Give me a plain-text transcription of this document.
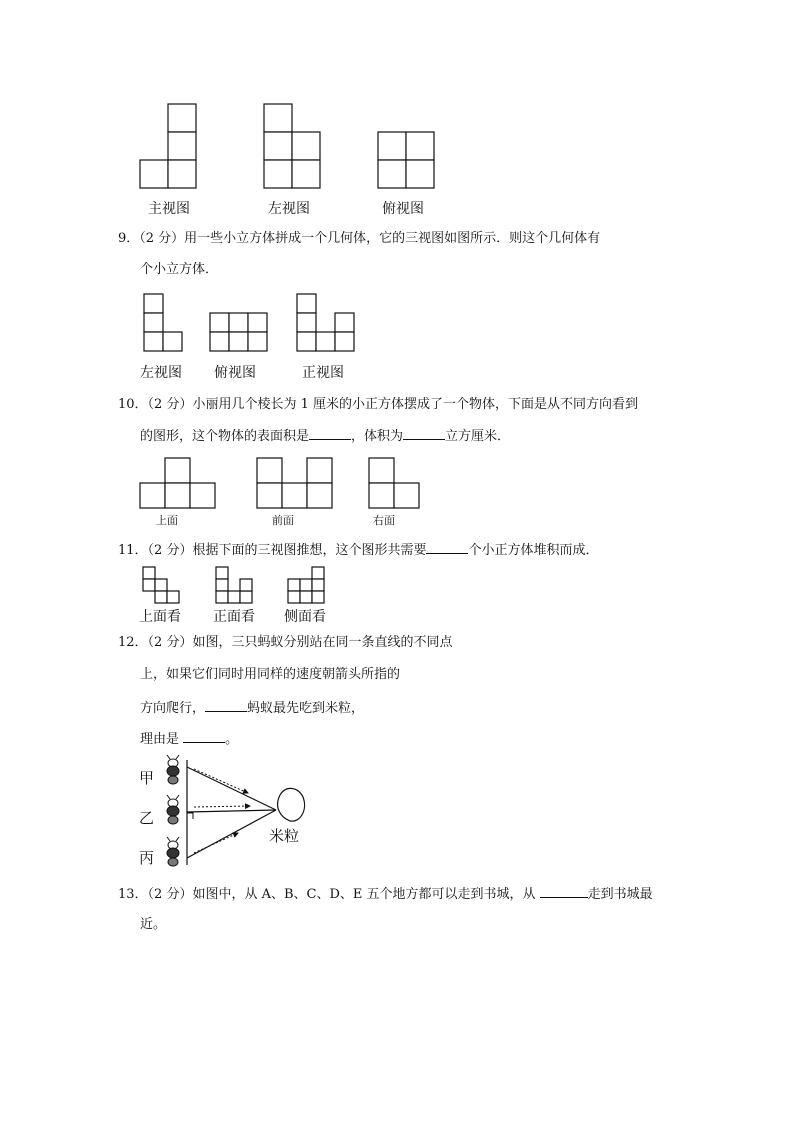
主视图	左视图	俯视图
9．（2 分）用一些小立方体拼成一个几何体，它的三视图如图所示．则这个几何体有
个小立方体．
左视图 俯视图	正视图
10．（2 分）小丽用几个棱长为 1 厘米的小正方体摆成了一个物体，下面是从不同方向看到
的图形，这个物体的表面积是	，体积为	立方厘米．
上面	前面	右面
11．（2 分）根据下面的三视图推想，这个图形共需要	个小正方体堆积而成．
上面看 正面看 侧面看
12．（2 分）如图，三只蚂蚁分别站在同一条直线的不同点
上，如果它们同时用同样的速度朝箭头所指的
方向爬行，	蚂蚁最先吃到米粒，
理由是	。
甲
乙
丙
米粒
13．（2 分）如图中，从 A、B、C、D、E 五个地方都可以走到书城，从	走到书城最
近。
